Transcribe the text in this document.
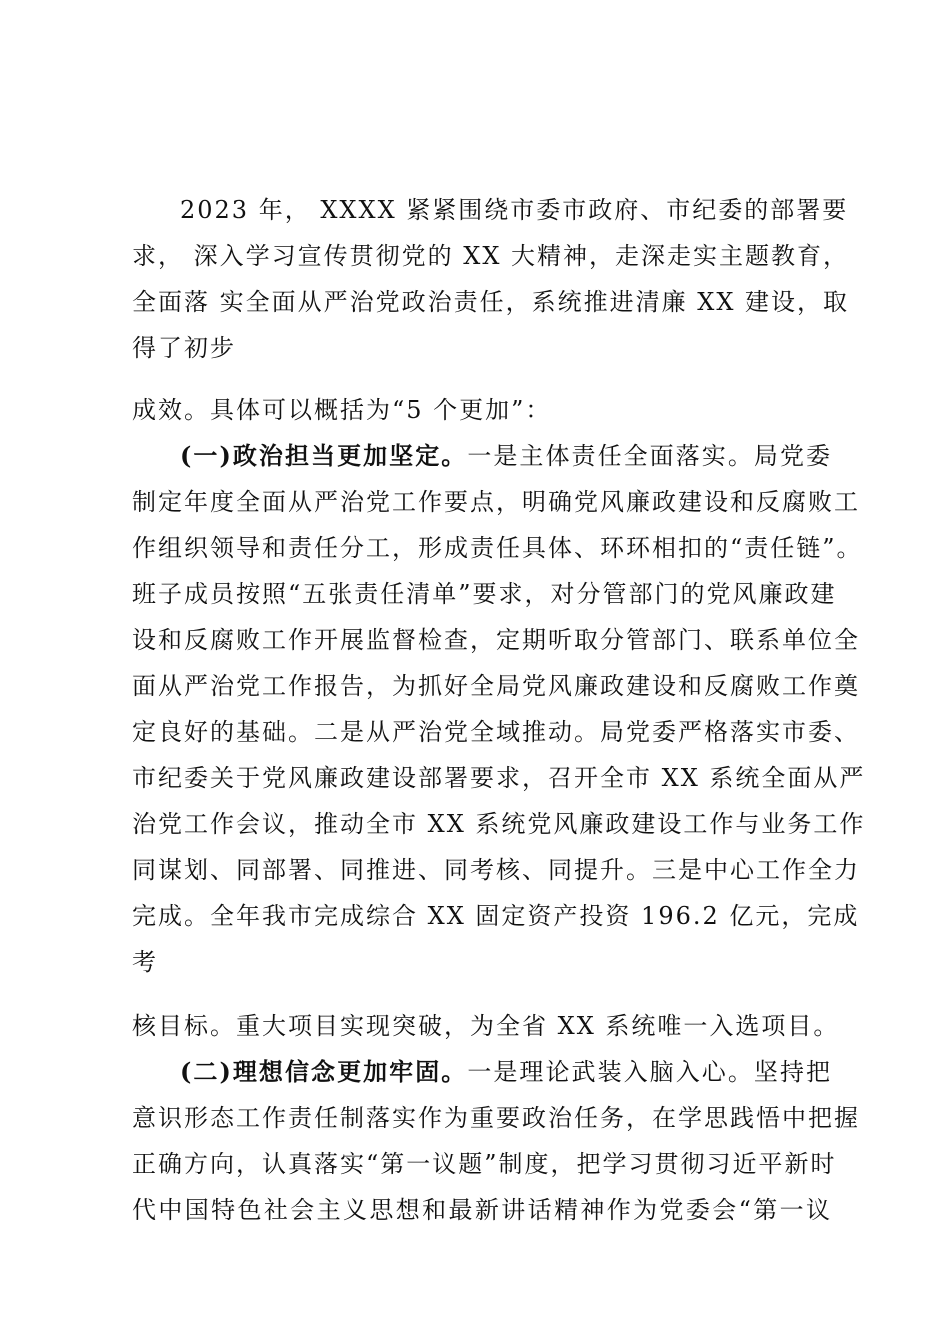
2023 年， XXXX 紧紧围绕市委市政府、市纪委的部署要
求， 深入学习宣传贯彻党的 XX 大精神，走深走实主题教育，
全面落 实全面从严治党政治责任，系统推进清廉 XX 建设，取
得了初步
成效。具体可以概括为“5 个更加”：
(一)政治担当更加坚定。一是主体责任全面落实。局党委
制定年度全面从严治党工作要点，明确党风廉政建设和反腐败工
作组织领导和责任分工，形成责任具体、环环相扣的“责任链”。
班子成员按照“五张责任清单”要求，对分管部门的党风廉政建
设和反腐败工作开展监督检查，定期听取分管部门、联系单位全
面从严治党工作报告，为抓好全局党风廉政建设和反腐败工作奠
定良好的基础。二是从严治党全域推动。局党委严格落实市委、
市纪委关于党风廉政建设部署要求，召开全市 XX 系统全面从严
治党工作会议，推动全市 XX 系统党风廉政建设工作与业务工作
同谋划、同部署、同推进、同考核、同提升。三是中心工作全力
完成。全年我市完成综合 XX 固定资产投资 196.2 亿元，完成
考
核目标。重大项目实现突破，为全省 XX 系统唯一入选项目。
(二)理想信念更加牢固。一是理论武装入脑入心。坚持把
意识形态工作责任制落实作为重要政治任务，在学思践悟中把握
正确方向，认真落实“第一议题”制度，把学习贯彻习近平新时
代中国特色社会主义思想和最新讲话精神作为党委会“第一议
